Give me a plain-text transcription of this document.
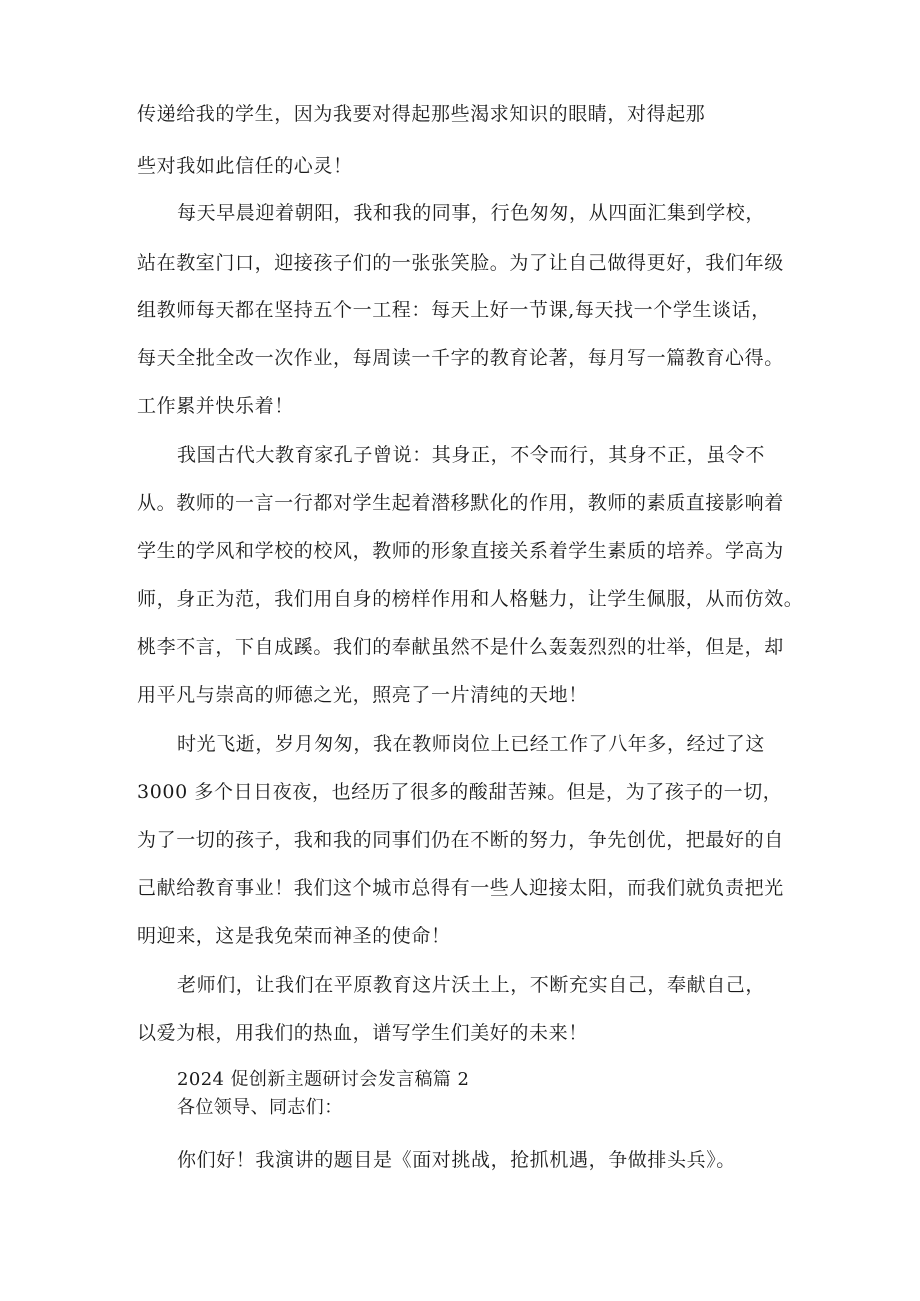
传递给我的学生，因为我要对得起那些渴求知识的眼睛，对得起那
些对我如此信任的心灵！
每天早晨迎着朝阳，我和我的同事，行色匆匆，从四面汇集到学校，
站在教室门口，迎接孩子们的一张张笑脸。为了让自己做得更好，我们年级
组教师每天都在坚持五个一工程：每天上好一节课,每天找一个学生谈话，
每天全批全改一次作业，每周读一千字的教育论著，每月写一篇教育心得。
工作累并快乐着！
我国古代大教育家孔子曾说：其身正，不令而行，其身不正，虽令不
从。教师的一言一行都对学生起着潜移默化的作用，教师的素质直接影响着
学生的学风和学校的校风，教师的形象直接关系着学生素质的培养。学高为
师，身正为范，我们用自身的榜样作用和人格魅力，让学生佩服，从而仿效。
桃李不言，下自成蹊。我们的奉献虽然不是什么轰轰烈烈的壮举，但是，却
用平凡与崇高的师德之光，照亮了一片清纯的天地！
时光飞逝，岁月匆匆，我在教师岗位上已经工作了八年多，经过了这
3000 多个日日夜夜，也经历了很多的酸甜苦辣。但是，为了孩子的一切，
为了一切的孩子，我和我的同事们仍在不断的努力，争先创优，把最好的自
己献给教育事业！我们这个城市总得有一些人迎接太阳，而我们就负责把光
明迎来，这是我免荣而神圣的使命！
老师们，让我们在平原教育这片沃土上，不断充实自己，奉献自己，
以爱为根，用我们的热血，谱写学生们美好的未来！
2024 促创新主题研讨会发言稿篇 2
各位领导、同志们：
你们好！我演讲的题目是《面对挑战，抢抓机遇，争做排头兵》。
